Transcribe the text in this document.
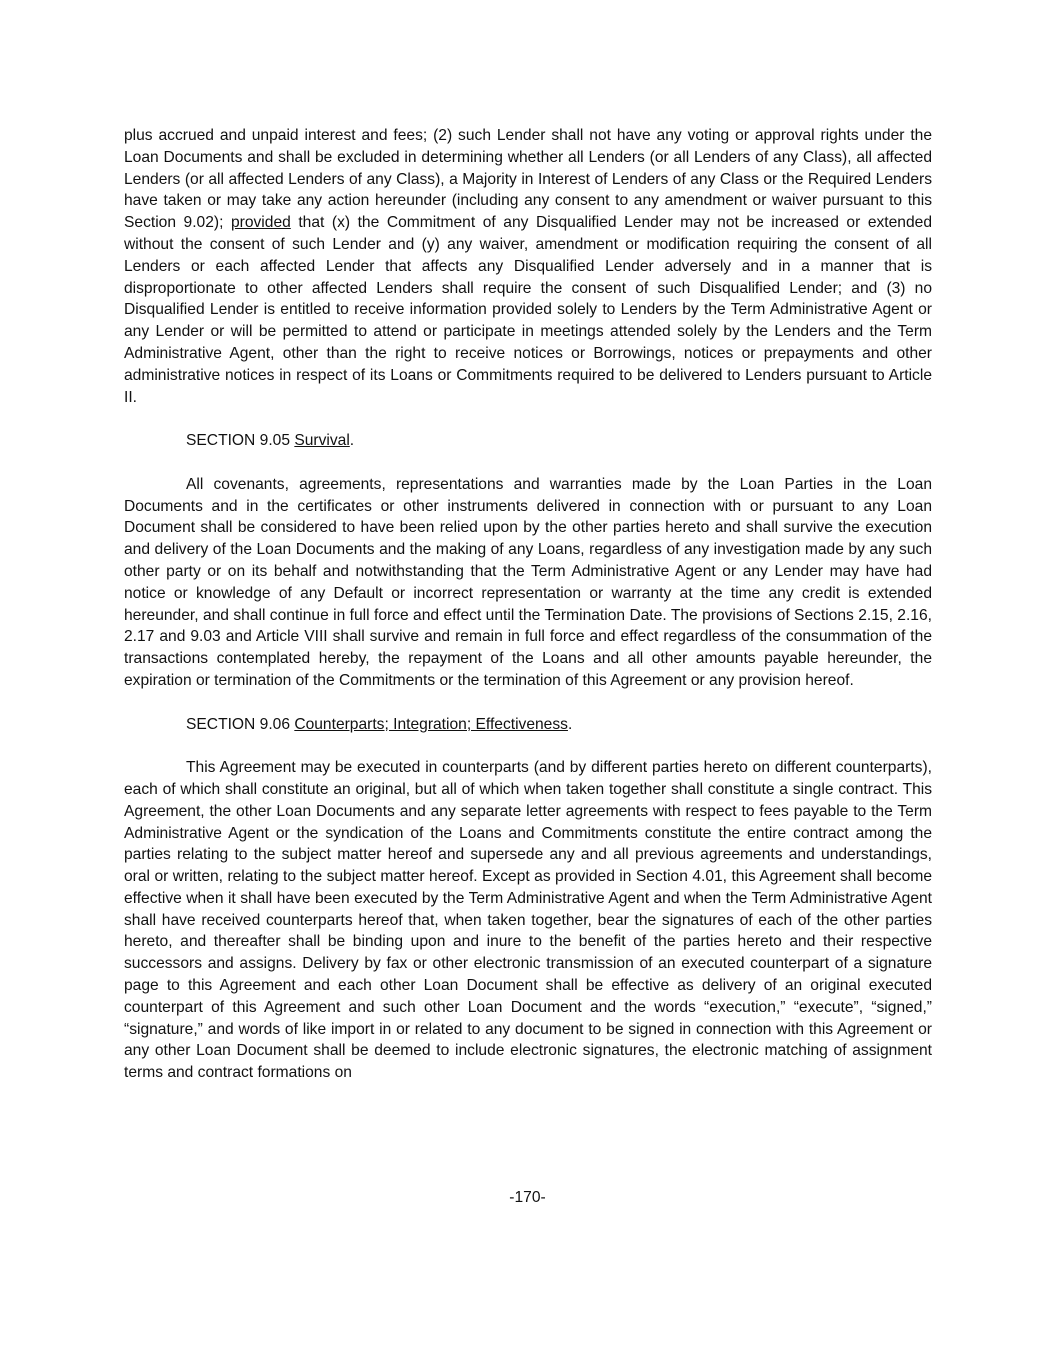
plus accrued and unpaid interest and fees; (2) such Lender shall not have any voting or approval rights under the Loan Documents and shall be excluded in determining whether all Lenders (or all Lenders of any Class), all affected Lenders (or all affected Lenders of any Class), a Majority in Interest of Lenders of any Class or the Required Lenders have taken or may take any action hereunder (including any consent to any amendment or waiver pursuant to this Section 9.02); provided that (x) the Commitment of any Disqualified Lender may not be increased or extended without the consent of such Lender and (y) any waiver, amendment or modification requiring the consent of all Lenders or each affected Lender that affects any Disqualified Lender adversely and in a manner that is disproportionate to other affected Lenders shall require the consent of such Disqualified Lender; and (3) no Disqualified Lender is entitled to receive information provided solely to Lenders by the Term Administrative Agent or any Lender or will be permitted to attend or participate in meetings attended solely by the Lenders and the Term Administrative Agent, other than the right to receive notices or Borrowings, notices or prepayments and other administrative notices in respect of its Loans or Commitments required to be delivered to Lenders pursuant to Article II.

SECTION 9.05 Survival.

All covenants, agreements, representations and warranties made by the Loan Parties in the Loan Documents and in the certificates or other instruments delivered in connection with or pursuant to any Loan Document shall be considered to have been relied upon by the other parties hereto and shall survive the execution and delivery of the Loan Documents and the making of any Loans, regardless of any investigation made by any such other party or on its behalf and notwithstanding that the Term Administrative Agent or any Lender may have had notice or knowledge of any Default or incorrect representation or warranty at the time any credit is extended hereunder, and shall continue in full force and effect until the Termination Date. The provisions of Sections 2.15, 2.16, 2.17 and 9.03 and Article VIII shall survive and remain in full force and effect regardless of the consummation of the transactions contemplated hereby, the repayment of the Loans and all other amounts payable hereunder, the expiration or termination of the Commitments or the termination of this Agreement or any provision hereof.

SECTION 9.06 Counterparts; Integration; Effectiveness.

This Agreement may be executed in counterparts (and by different parties hereto on different counterparts), each of which shall constitute an original, but all of which when taken together shall constitute a single contract. This Agreement, the other Loan Documents and any separate letter agreements with respect to fees payable to the Term Administrative Agent or the syndication of the Loans and Commitments constitute the entire contract among the parties relating to the subject matter hereof and supersede any and all previous agreements and understandings, oral or written, relating to the subject matter hereof. Except as provided in Section 4.01, this Agreement shall become effective when it shall have been executed by the Term Administrative Agent and when the Term Administrative Agent shall have received counterparts hereof that, when taken together, bear the signatures of each of the other parties hereto, and thereafter shall be binding upon and inure to the benefit of the parties hereto and their respective successors and assigns. Delivery by fax or other electronic transmission of an executed counterpart of a signature page to this Agreement and each other Loan Document shall be effective as delivery of an original executed counterpart of this Agreement and such other Loan Document and the words “execution,” “execute”, “signed,” “signature,” and words of like import in or related to any document to be signed in connection with this Agreement or any other Loan Document shall be deemed to include electronic signatures, the electronic matching of assignment terms and contract formations on

-170-
